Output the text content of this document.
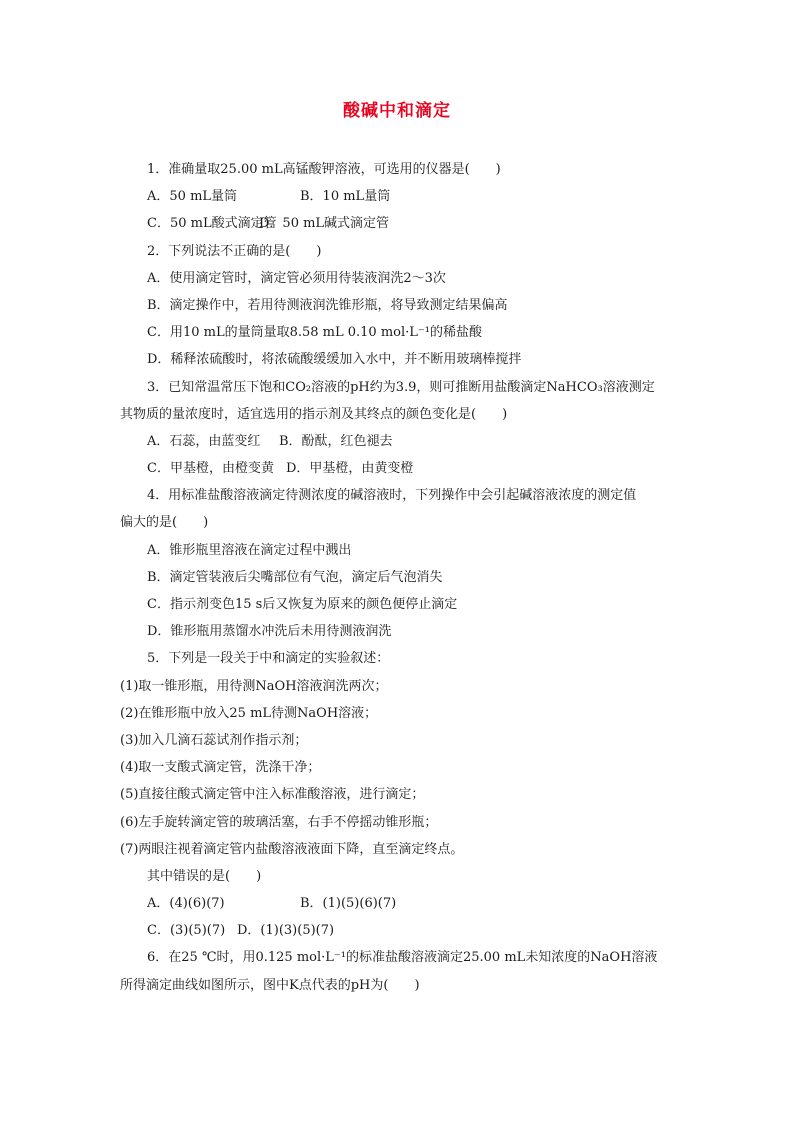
酸碱中和滴定
1．准确量取25.00 mL高锰酸钾溶液，可选用的仪器是(　　)
A．50 mL量筒	B．10 mL量筒
C．50 mL酸式滴定管
D．50 mL碱式滴定管
2．下列说法不正确的是(　　)
A．使用滴定管时，滴定管必须用待装液润洗2～3次
B．滴定操作中，若用待测液润洗锥形瓶，将导致测定结果偏高
C．用10 mL的量筒量取8.58 mL 0.10 mol·L⁻¹的稀盐酸
D．稀释浓硫酸时，将浓硫酸缓缓加入水中，并不断用玻璃棒搅拌
3．已知常温常压下饱和CO₂溶液的pH约为3.9，则可推断用盐酸滴定NaHCO₃溶液测定
其物质的量浓度时，适宜选用的指示剂及其终点的颜色变化是(　　)
A．石蕊，由蓝变红	B．酚酞，红色褪去
C．甲基橙，由橙变黄 D．甲基橙，由黄变橙
4．用标准盐酸溶液滴定待测浓度的碱溶液时，下列操作中会引起碱溶液浓度的测定值
偏大的是(　　)
A．锥形瓶里溶液在滴定过程中溅出
B．滴定管装液后尖嘴部位有气泡，滴定后气泡消失
C．指示剂变色15 s后又恢复为原来的颜色便停止滴定
D．锥形瓶用蒸馏水冲洗后未用待测液润洗
5．下列是一段关于中和滴定的实验叙述：
(1)取一锥形瓶，用待测NaOH溶液润洗两次；
(2)在锥形瓶中放入25 mL待测NaOH溶液；
(3)加入几滴石蕊试剂作指示剂；
(4)取一支酸式滴定管，洗涤干净；
(5)直接往酸式滴定管中注入标准酸溶液，进行滴定；
(6)左手旋转滴定管的玻璃活塞，右手不停摇动锥形瓶；
(7)两眼注视着滴定管内盐酸溶液液面下降，直至滴定终点。
其中错误的是(　　)
A．(4)(6)(7)	B．(1)(5)(6)(7)
C．(3)(5)(7) D．(1)(3)(5)(7)
6．在25 ℃时，用0.125 mol·L⁻¹的标准盐酸溶液滴定25.00 mL未知浓度的NaOH溶液
所得滴定曲线如图所示，图中K点代表的pH为(　　)
